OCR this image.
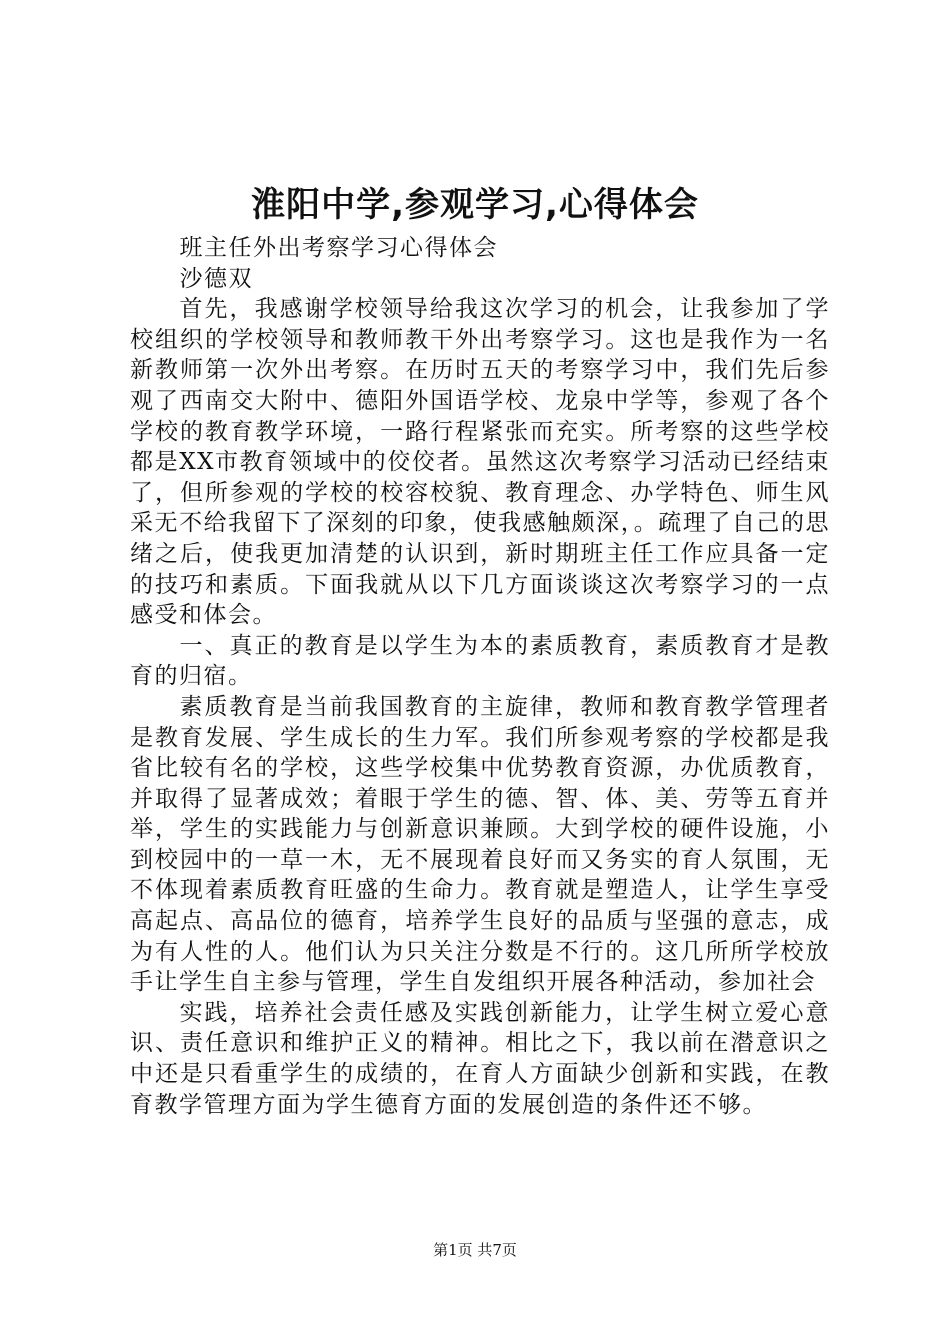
淮阳中学,参观学习,心得体会

班主任外出考察学习心得体会

沙德双

首先，我感谢学校领导给我这次学习的机会，让我参加了学校组织的学校领导和教师教干外出考察学习。这也是我作为一名新教师第一次外出考察。在历时五天的考察学习中，我们先后参观了西南交大附中、德阳外国语学校、龙泉中学等，参观了各个学校的教育教学环境，一路行程紧张而充实。所考察的这些学校都是XX市教育领域中的佼佼者。虽然这次考察学习活动已经结束了，但所参观的学校的校容校貌、教育理念、办学特色、师生风采无不给我留下了深刻的印象，使我感触颇深，。疏理了自己的思绪之后，使我更加清楚的认识到，新时期班主任工作应具备一定的技巧和素质。下面我就从以下几方面谈谈这次考察学习的一点感受和体会。

一、真正的教育是以学生为本的素质教育，素质教育才是教育的归宿。

素质教育是当前我国教育的主旋律，教师和教育教学管理者是教育发展、学生成长的生力军。我们所参观考察的学校都是我省比较有名的学校，这些学校集中优势教育资源，办优质教育，并取得了显著成效；着眼于学生的德、智、体、美、劳等五育并举，学生的实践能力与创新意识兼顾。大到学校的硬件设施，小到校园中的一草一木，无不展现着良好而又务实的育人氛围，无不体现着素质教育旺盛的生命力。教育就是塑造人，让学生享受高起点、高品位的德育，培养学生良好的品质与坚强的意志，成为有人性的人。他们认为只关注分数是不行的。这几所所学校放手让学生自主参与管理，学生自发组织开展各种活动，参加社会

实践，培养社会责任感及实践创新能力，让学生树立爱心意识、责任意识和维护正义的精神。相比之下，我以前在潜意识之中还是只看重学生的成绩的，在育人方面缺少创新和实践，在教育教学管理方面为学生德育方面的发展创造的条件还不够。

第1页 共7页
